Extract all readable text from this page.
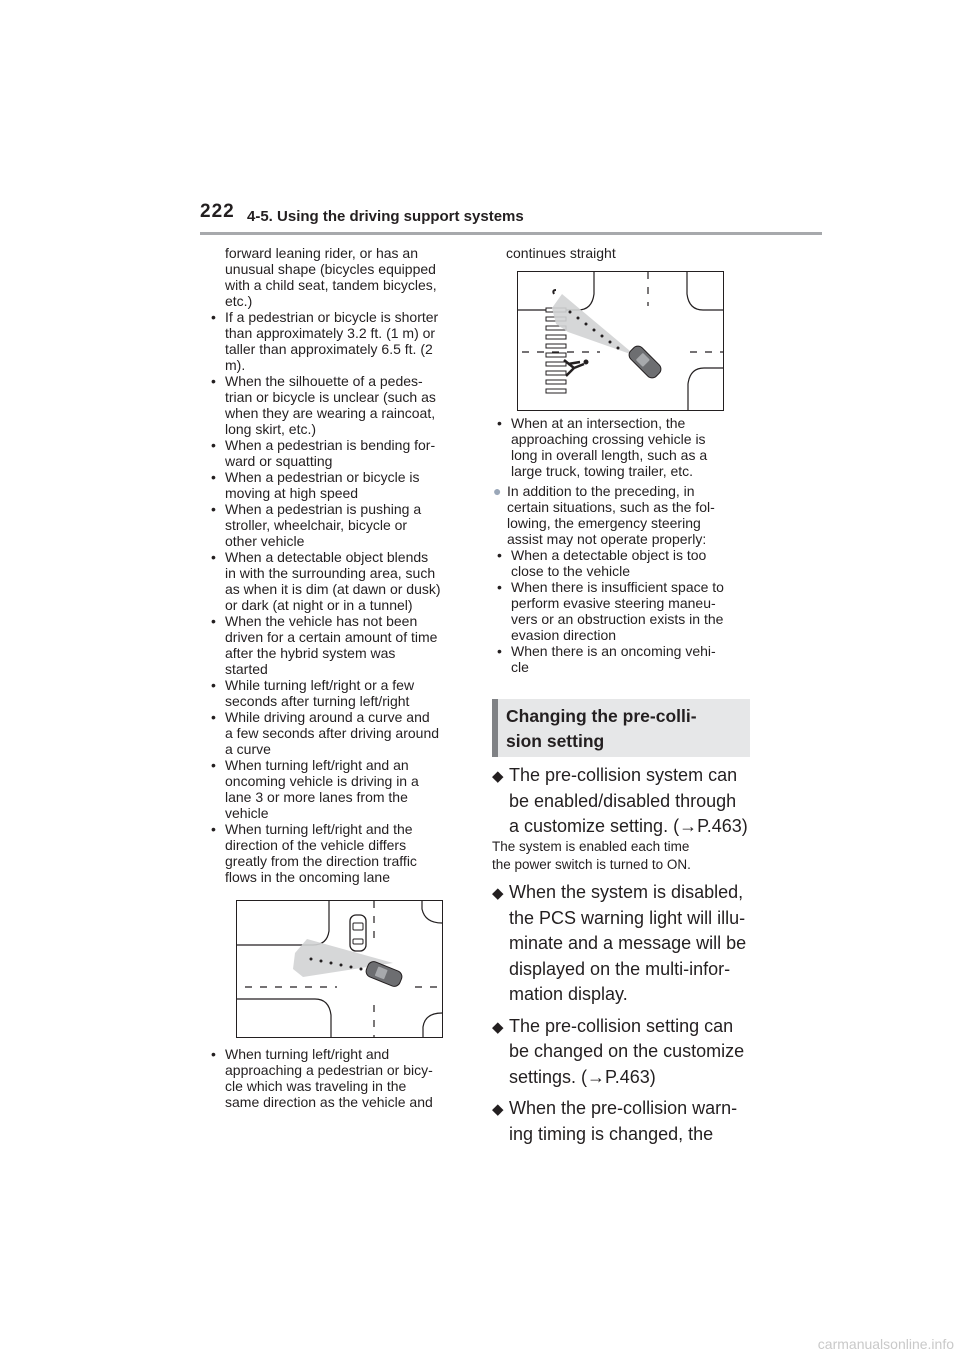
222 4-5. Using the driving support systems
forward leaning rider, or has an
unusual shape (bicycles equipped
with a child seat, tandem bicycles,
etc.)
• If a pedestrian or bicycle is shorter
than approximately 3.2 ft. (1 m) or
taller than approximately 6.5 ft. (2
m).
• When the silhouette of a pedes-
trian or bicycle is unclear (such as
when they are wearing a raincoat,
long skirt, etc.)
• When a pedestrian is bending for-
ward or squatting
• When a pedestrian or bicycle is
moving at high speed
• When a pedestrian is pushing a
stroller, wheelchair, bicycle or
other vehicle
• When a detectable object blends
in with the surrounding area, such
as when it is dim (at dawn or dusk)
or dark (at night or in a tunnel)
• When the vehicle has not been
driven for a certain amount of time
after the hybrid system was
started
• While turning left/right or a few
seconds after turning left/right
• While driving around a curve and
a few seconds after driving around
a curve
• When turning left/right and an
oncoming vehicle is driving in a
lane 3 or more lanes from the
vehicle
• When turning left/right and the
direction of the vehicle differs
greatly from the direction traffic
flows in the oncoming lane
• When turning left/right and
approaching a pedestrian or bicy-
cle which was traveling in the
same direction as the vehicle and
continues straight
• When at an intersection, the
approaching crossing vehicle is
long in overall length, such as a
large truck, towing trailer, etc.
● In addition to the preceding, in
certain situations, such as the fol-
lowing, the emergency steering
assist may not operate properly:
• When a detectable object is too
close to the vehicle
• When there is insufficient space to
perform evasive steering maneu-
vers or an obstruction exists in the
evasion direction
• When there is an oncoming vehi-
cle
Changing the pre-colli-
sion setting
◆ The pre-collision system can
be enabled/disabled through
a customize setting. (→P.463)
The system is enabled each time
the power switch is turned to ON.
◆ When the system is disabled,
the PCS warning light will illu-
minate and a message will be
displayed on the multi-infor-
mation display.
◆ The pre-collision setting can
be changed on the customize
settings. (→P.463)
◆ When the pre-collision warn-
ing timing is changed, the
carmanualsonline.info
